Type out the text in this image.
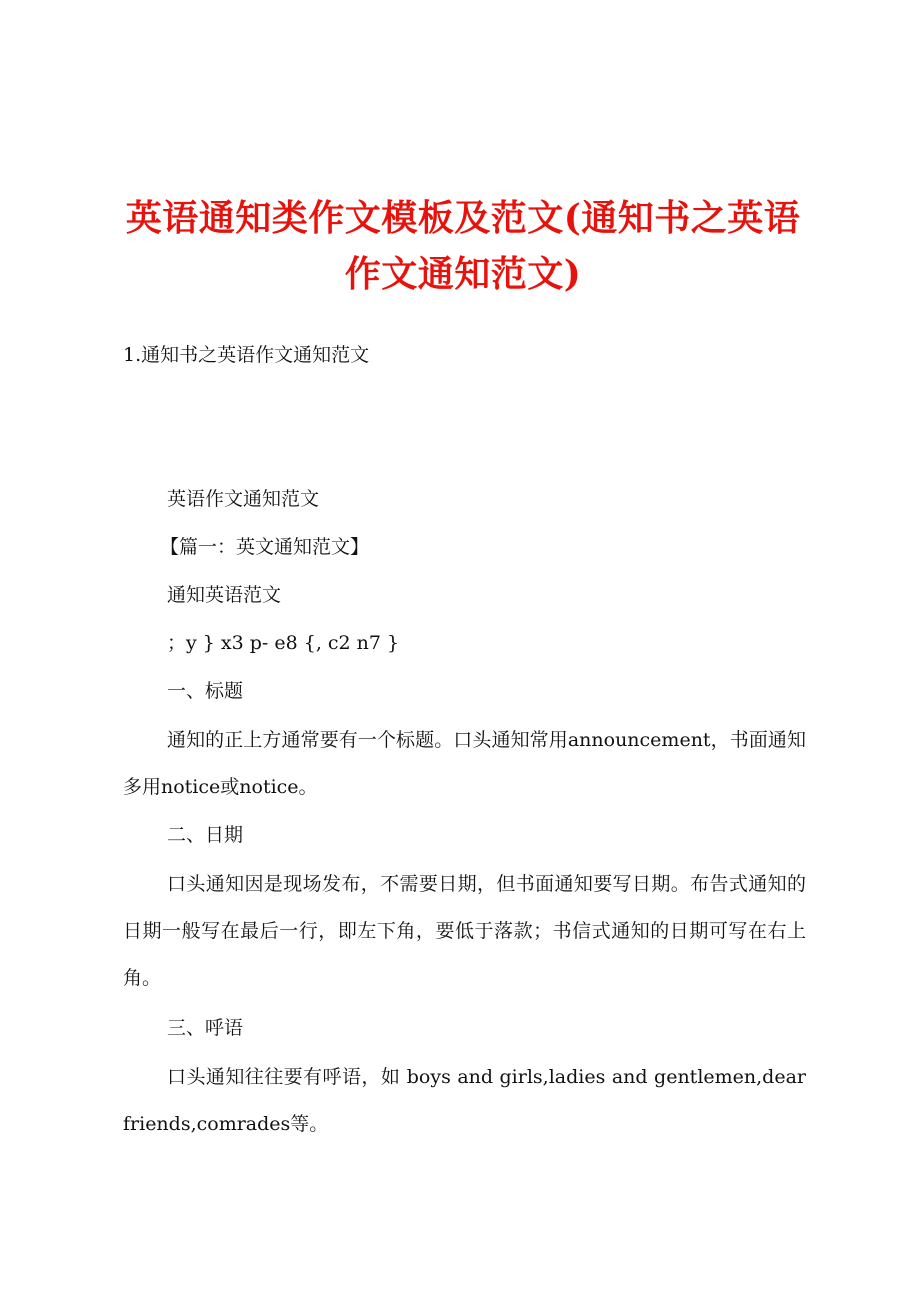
英语通知类作文模板及范文(通知书之英语作文通知范文)
1.通知书之英语作文通知范文
英语作文通知范文
【篇一：英文通知范文】
通知英语范文
；y } x3 p- e8 {, c2 n7 }
一、标题
通知的正上方通常要有一个标题。口头通知常用announcement，书面通知多用notice或notice。
二、日期
口头通知因是现场发布，不需要日期，但书面通知要写日期。布告式通知的日期一般写在最后一行，即左下角，要低于落款；书信式通知的日期可写在右上角。
三、呼语
口头通知往往要有呼语，如 boys and girls,ladies and gentlemen,dear friends,comrades等。
